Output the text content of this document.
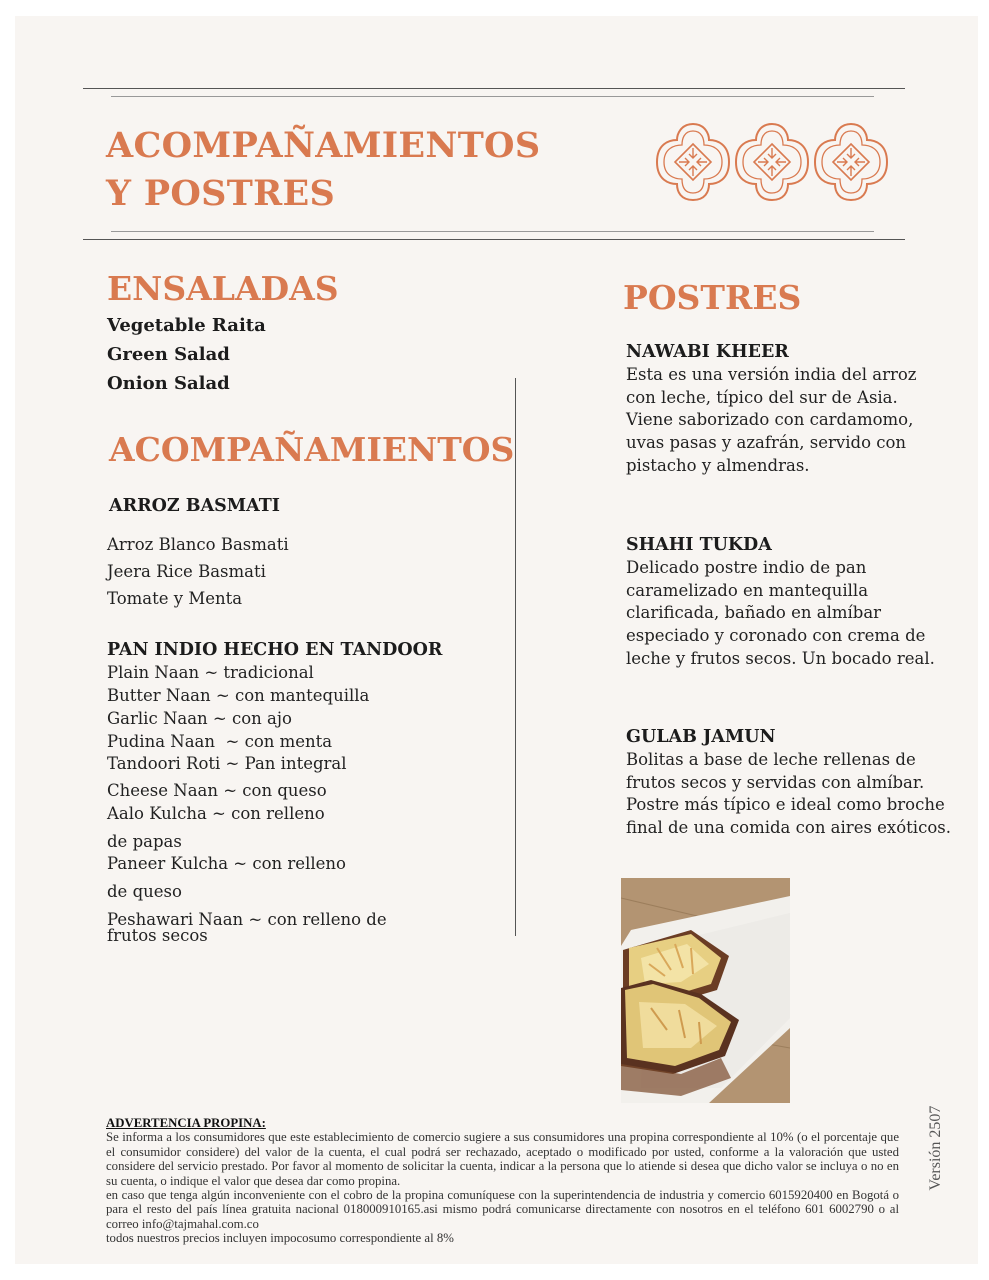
ACOMPAÑAMIENTOS
Y POSTRES
ENSALADAS

Vegetable Raita

Green Salad

Onion Salad

ACOMPAÑAMIENTOS

ARROZ BASMATI

Arroz Blanco Basmati

Jeera Rice Basmati

Tomate y Menta

PAN INDIO HECHO EN TANDOOR

Plain Naan ~ tradicional

Butter Naan ~ con mantequilla

Garlic Naan ~ con ajo

Pudina Naan  ~ con menta

Tandoori Roti ~ Pan integral

Cheese Naan ~ con queso

Aalo Kulcha ~ con relleno

de papas

Paneer Kulcha ~ con relleno

de queso

Peshawari Naan ~ con relleno de

frutos secos

POSTRES

NAWABI KHEER

Esta es una versión india del arroz
con leche, típico del sur de Asia.
Viene saborizado con cardamomo,
uvas pasas y azafrán, servido con
pistacho y almendras.

SHAHI TUKDA

Delicado postre indio de pan
caramelizado en mantequilla
clarificada, bañado en almíbar
especiado y coronado con crema de
leche y frutos secos. Un bocado real.

GULAB JAMUN

Bolitas a base de leche rellenas de
frutos secos y servidas con almíbar.
Postre más típico e ideal como broche
final de una comida con aires exóticos.
ADVERTENCIA PROPINA:
Se informa a los consumidores que este establecimiento de comercio sugiere a sus consumidores una propina correspondiente al 10% (o el porcentaje que el consumidor considere) del valor de la cuenta, el cual podrá ser rechazado, aceptado o modificado por usted, conforme a la valoración que usted considere del servicio prestado. Por favor al momento de solicitar la cuenta, indicar a la persona que lo atiende si desea que dicho valor se incluya o no en su cuenta, o indique el valor que desea dar como propina.
en caso que tenga algún inconveniente con el cobro de la propina comuníquese con la superintendencia de industria y comercio 6015920400 en Bogotá o para el resto del país línea gratuita nacional 018000910165.asi mismo podrá comunicarse directamente con nosotros en el teléfono 601 6002790 o al correo info@tajmahal.com.co
todos nuestros precios incluyen impocosumo correspondiente al 8%
Versión 2507
